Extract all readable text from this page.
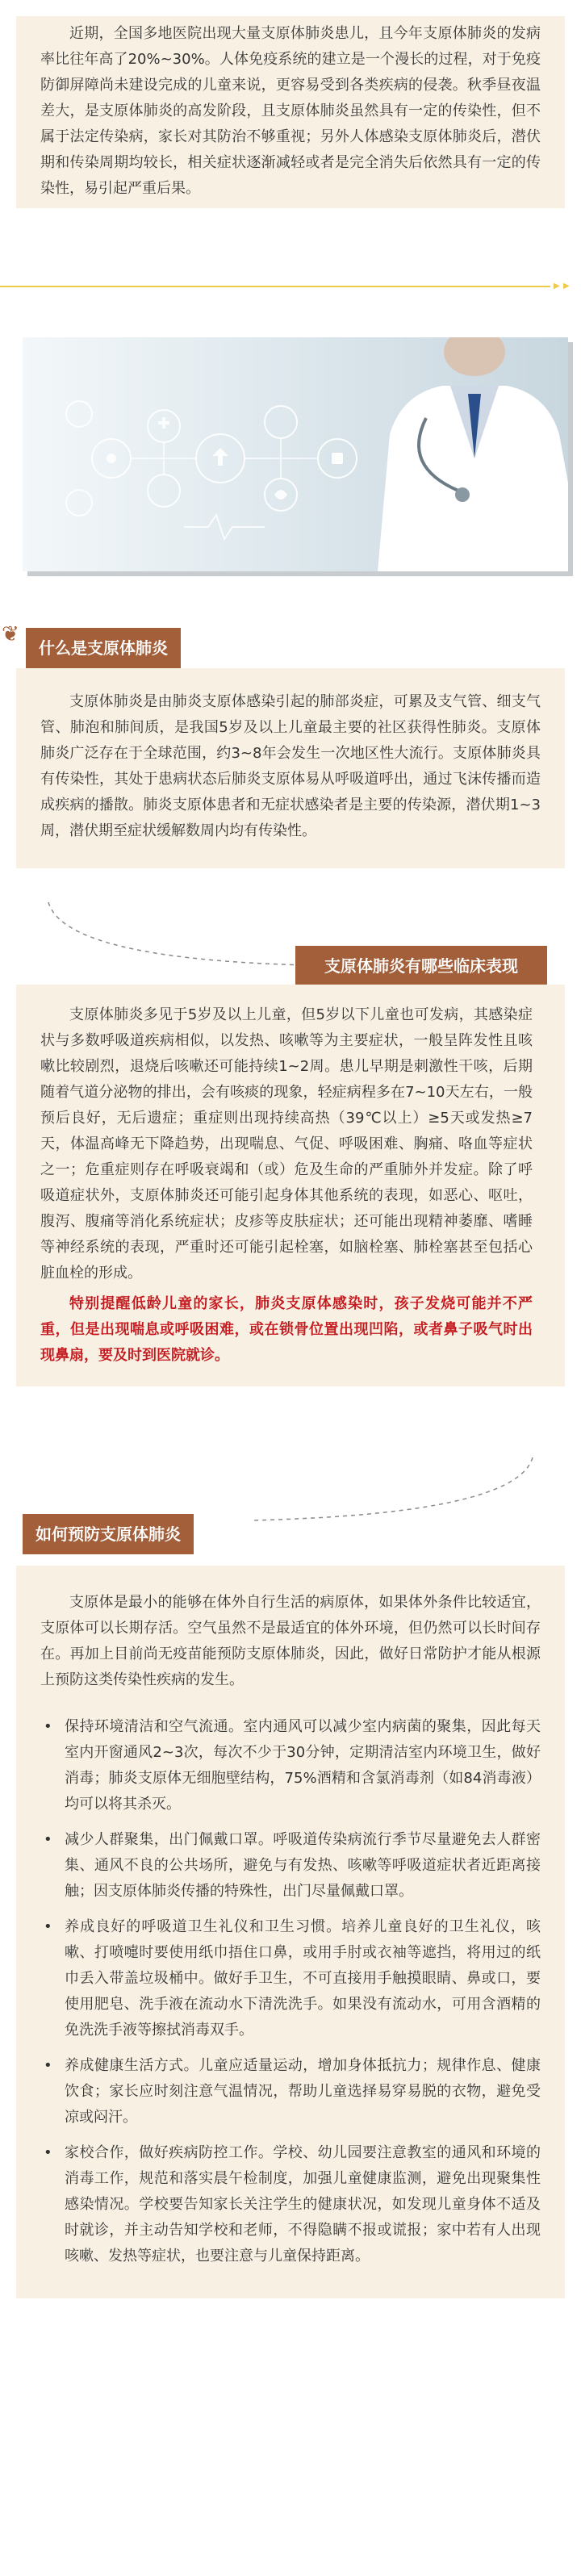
近期，全国多地医院出现大量支原体肺炎患儿，且今年支原体肺炎的发病率比往年高了20%~30%。人体免疫系统的建立是一个漫长的过程，对于免疫防御屏障尚未建设完成的儿童来说，更容易受到各类疾病的侵袭。秋季昼夜温差大，是支原体肺炎的高发阶段，且支原体肺炎虽然具有一定的传染性，但不属于法定传染病，家长对其防治不够重视；另外人体感染支原体肺炎后，潜伏期和传染周期均较长，相关症状逐渐减轻或者是完全消失后依然具有一定的传染性，易引起严重后果。

▶ ▶
❦
什么是支原体肺炎

支原体肺炎是由肺炎支原体感染引起的肺部炎症，可累及支气管、细支气管、肺泡和肺间质，是我国5岁及以上儿童最主要的社区获得性肺炎。支原体肺炎广泛存在于全球范围，约3~8年会发生一次地区性大流行。支原体肺炎具有传染性，其处于患病状态后肺炎支原体易从呼吸道呼出，通过飞沫传播而造成疾病的播散。肺炎支原体患者和无症状感染者是主要的传染源，潜伏期1~3周，潜伏期至症状缓解数周内均有传染性。

支原体肺炎有哪些临床表现

支原体肺炎多见于5岁及以上儿童，但5岁以下儿童也可发病，其感染症状与多数呼吸道疾病相似，以发热、咳嗽等为主要症状，一般呈阵发性且咳嗽比较剧烈，退烧后咳嗽还可能持续1~2周。患儿早期是刺激性干咳，后期随着气道分泌物的排出，会有咳痰的现象，轻症病程多在7~10天左右，一般预后良好，无后遗症；重症则出现持续高热（39℃以上）≥5天或发热≥7天，体温高峰无下降趋势，出现喘息、气促、呼吸困难、胸痛、咯血等症状之一；危重症则存在呼吸衰竭和（或）危及生命的严重肺外并发症。除了呼吸道症状外，支原体肺炎还可能引起身体其他系统的表现，如恶心、呕吐，腹泻、腹痛等消化系统症状；皮疹等皮肤症状；还可能出现精神萎靡、嗜睡等神经系统的表现，严重时还可能引起栓塞，如脑栓塞、肺栓塞甚至包括心脏血栓的形成。

特别提醒低龄儿童的家长，肺炎支原体感染时，孩子发烧可能并不严重，但是出现喘息或呼吸困难，或在锁骨位置出现凹陷，或者鼻子吸气时出现鼻扇，要及时到医院就诊。

如何预防支原体肺炎

支原体是最小的能够在体外自行生活的病原体，如果体外条件比较适宜，支原体可以长期存活。空气虽然不是最适宜的体外环境，但仍然可以长时间存在。再加上目前尚无疫苗能预防支原体肺炎，因此，做好日常防护才能从根源上预防这类传染性疾病的发生。

• 保持环境清洁和空气流通。室内通风可以减少室内病菌的聚集，因此每天室内开窗通风2~3次，每次不少于30分钟，定期清洁室内环境卫生，做好消毒；肺炎支原体无细胞壁结构，75%酒精和含氯消毒剂（如84消毒液）均可以将其杀灭。
• 减少人群聚集，出门佩戴口罩。呼吸道传染病流行季节尽量避免去人群密集、通风不良的公共场所，避免与有发热、咳嗽等呼吸道症状者近距离接触；因支原体肺炎传播的特殊性，出门尽量佩戴口罩。
• 养成良好的呼吸道卫生礼仪和卫生习惯。培养儿童良好的卫生礼仪，咳嗽、打喷嚏时要使用纸巾捂住口鼻，或用手肘或衣袖等遮挡，将用过的纸巾丢入带盖垃圾桶中。做好手卫生，不可直接用手触摸眼睛、鼻或口，要使用肥皂、洗手液在流动水下清洗洗手。如果没有流动水，可用含酒精的免洗洗手液等擦拭消毒双手。
• 养成健康生活方式。儿童应适量运动，增加身体抵抗力；规律作息、健康饮食；家长应时刻注意气温情况，帮助儿童选择易穿易脱的衣物，避免受凉或闷汗。
• 家校合作，做好疾病防控工作。学校、幼儿园要注意教室的通风和环境的消毒工作，规范和落实晨午检制度，加强儿童健康监测，避免出现聚集性感染情况。学校要告知家长关注学生的健康状况，如发现儿童身体不适及时就诊，并主动告知学校和老师，不得隐瞒不报或谎报；家中若有人出现咳嗽、发热等症状，也要注意与儿童保持距离。
